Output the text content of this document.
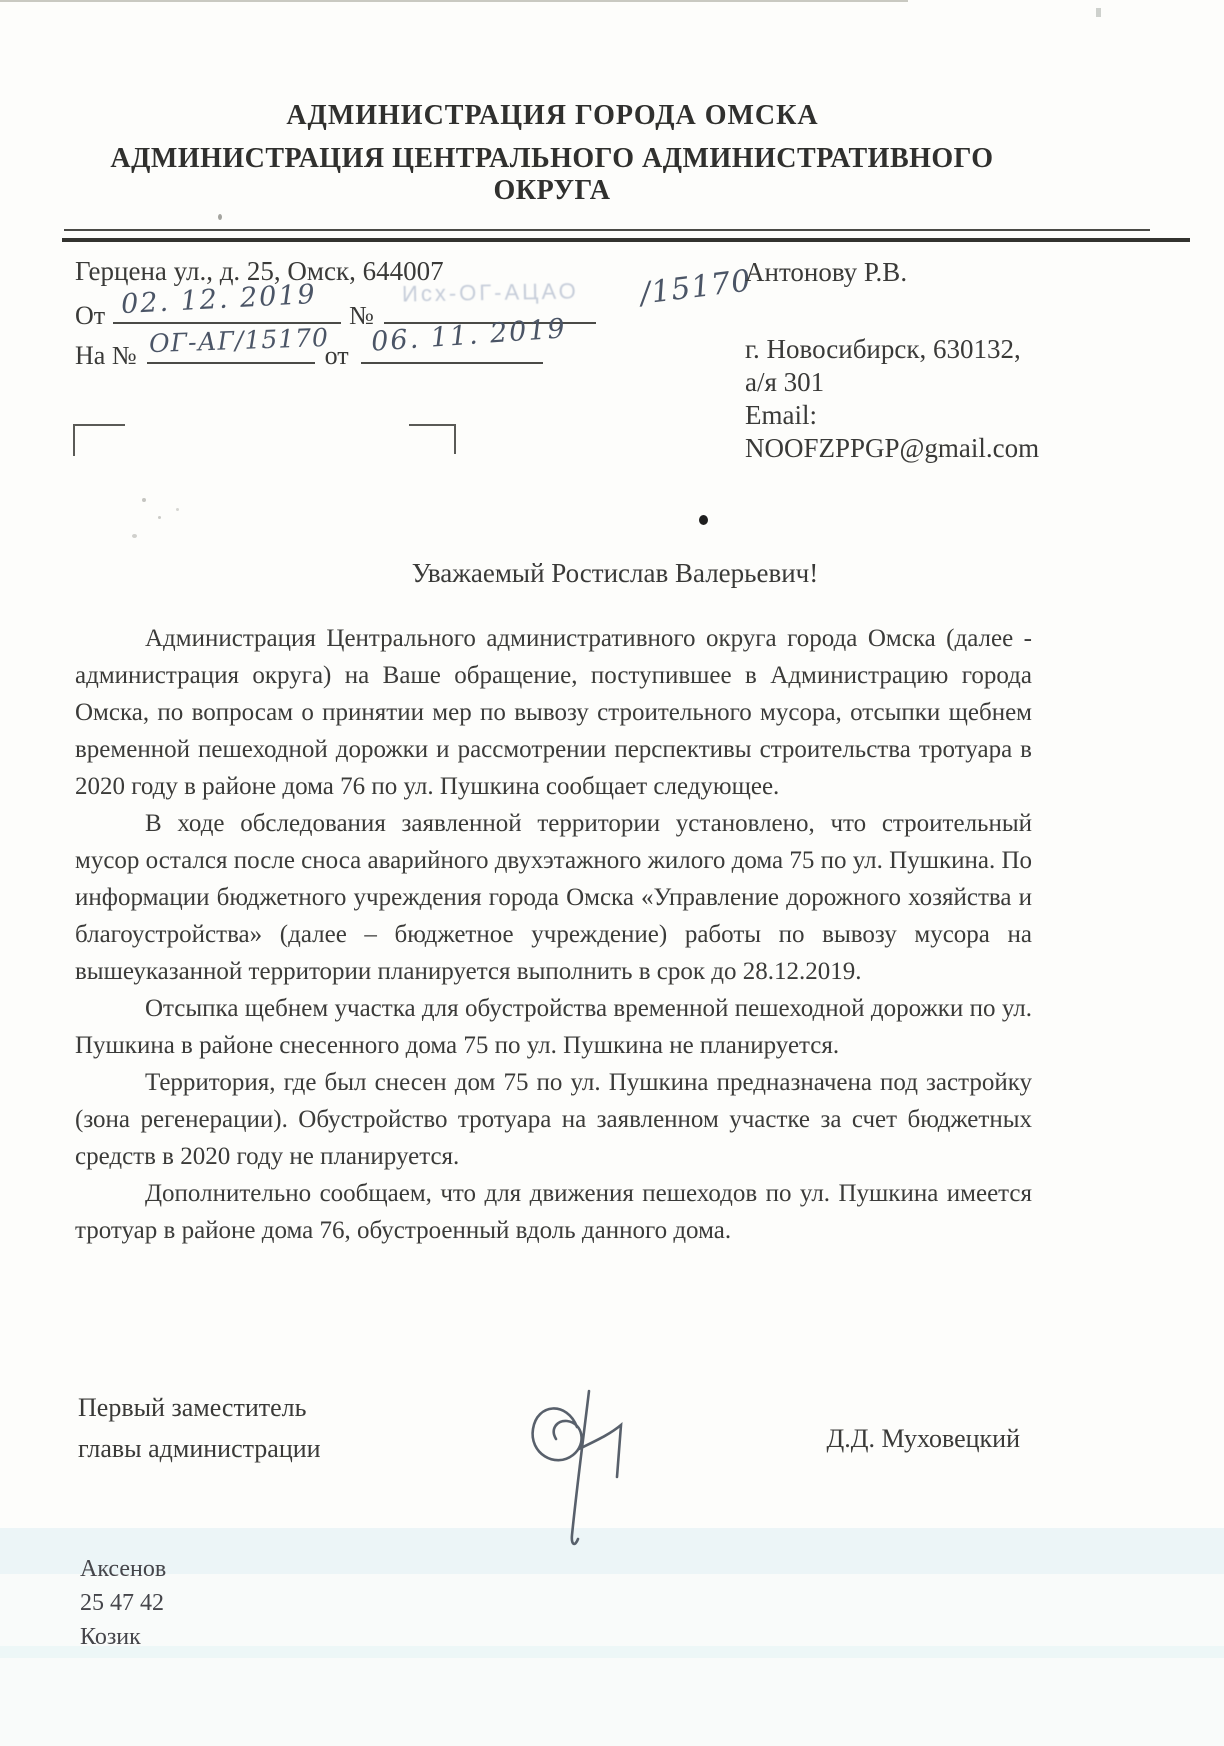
АДМИНИСТРАЦИЯ ГОРОДА ОМСКА
АДМИНИСТРАЦИЯ ЦЕНТРАЛЬНОГО АДМИНИСТРАТИВНОГО ОКРУГА
Герцена ул., д. 25, Омск, 644007
От 02. 12. 2019 №
Исх-ОГ-АЦАО /15170
На № ОГ-АГ/15170
от 06. 11. 2019
Антонову Р.В.
г. Новосибирск, 630132,
а/я 301
Email:
NOOFZPPGP@gmail.com
Уважаемый Ростислав Валерьевич!

Администрация Центрального административного округа города Омска (далее - администрация округа) на Ваше обращение, поступившее в Администрацию города Омска, по вопросам о принятии мер по вывозу строительного мусора, отсыпки щебнем временной пешеходной дорожки и рассмотрении перспективы строительства тротуара в 2020 году в районе дома 76 по ул. Пушкина сообщает следующее.

В ходе обследования заявленной территории установлено, что строительный мусор остался после сноса аварийного двухэтажного жилого дома 75 по ул. Пушкина. По информации бюджетного учреждения города Омска «Управление дорожного хозяйства и благоустройства» (далее – бюджетное учреждение) работы по вывозу мусора на вышеуказанной территории планируется выполнить в срок до 28.12.2019.

Отсыпка щебнем участка для обустройства временной пешеходной дорожки по ул. Пушкина в районе снесенного дома 75 по ул. Пушкина не планируется.

Территория, где был снесен дом 75 по ул. Пушкина предназначена под застройку (зона регенерации). Обустройство тротуара на заявленном участке за счет бюджетных средств в 2020 году не планируется.

Дополнительно сообщаем, что для движения пешеходов по ул. Пушкина имеется тротуар в районе дома 76, обустроенный вдоль данного дома.

Первый заместитель
главы администрации	Д.Д. Муховецкий
Аксенов
25 47 42
Козик
